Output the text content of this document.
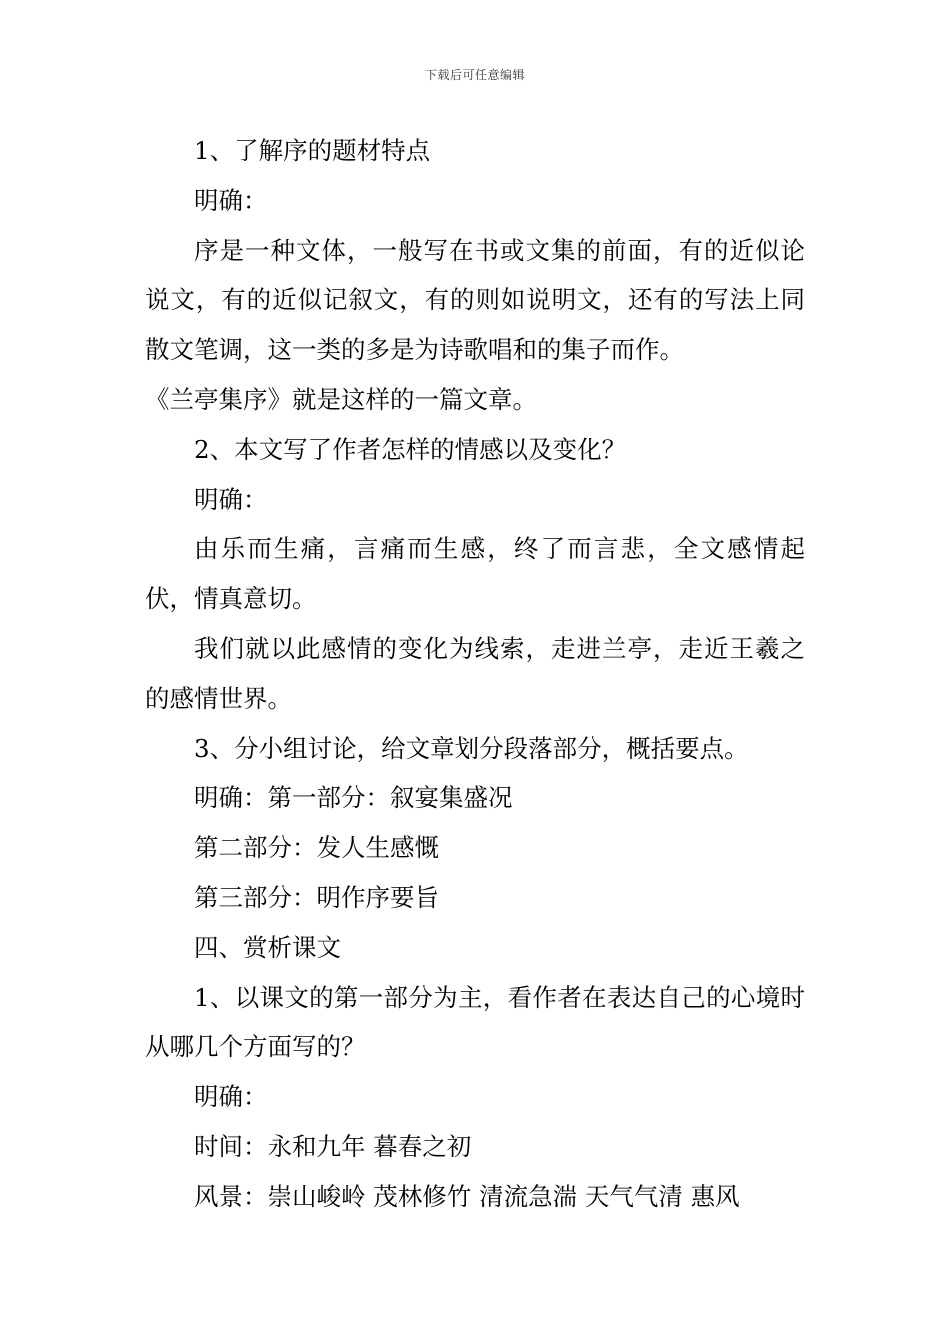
下载后可任意编辑

1、了解序的题材特点

明确：

序是一种文体，一般写在书或文集的前面，有的近似论说文，有的近似记叙文，有的则如说明文，还有的写法上同散文笔调，这一类的多是为诗歌唱和的集子而作。

《兰亭集序》就是这样的一篇文章。

2、本文写了作者怎样的情感以及变化？

明确：

由乐而生痛，言痛而生感，终了而言悲，全文感情起伏，情真意切。

我们就以此感情的变化为线索，走进兰亭，走近王羲之的感情世界。

3、分小组讨论，给文章划分段落部分，概括要点。

明确：第一部分：叙宴集盛况

第二部分：发人生感慨

第三部分：明作序要旨

四、赏析课文

1、以课文的第一部分为主，看作者在表达自己的心境时从哪几个方面写的？

明确：

时间：永和九年 暮春之初

风景：崇山峻岭 茂林修竹 清流急湍 天气气清 惠风
